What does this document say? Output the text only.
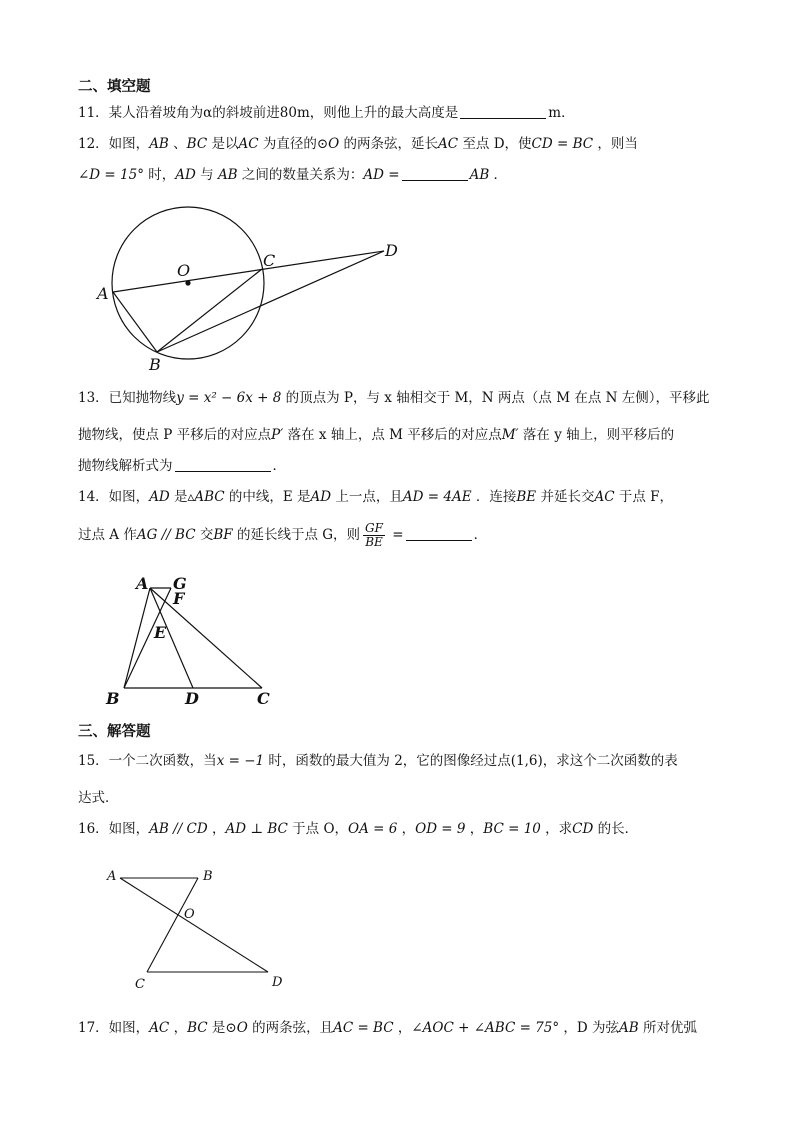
二、填空题
11．某人沿着坡角为α的斜坡前进80m，则他上升的最大高度是	m．
12．如图，AB 、BC 是以AC 为直径的⊙O 的两条弦，延长AC 至点 D，使CD = BC ，则当
∠D = 15° 时，AD 与 AB 之间的数量关系为：AD =	AB ．
O
A
B
C
D
13．已知抛物线y = x² − 6x + 8 的顶点为 P，与 x 轴相交于 M，N 两点（点 M 在点 N 左侧），平移此
抛物线，使点 P 平移后的对应点P′ 落在 x 轴上，点 M 平移后的对应点M′ 落在 y 轴上，则平移后的
抛物线解析式为	．
14．如图，AD 是▵ABC 的中线，E 是AD 上一点，且AD = 4AE ．连接BE 并延长交AC 于点 F，
过点 A 作AG // BC 交BF 的延长线于点 G，则 $\frac{GF}{BE}$ =	．
A G
F
E
B	D	C
三、解答题
15．一个二次函数，当x = −1 时，函数的最大值为 2，它的图像经过点(1,6)，求这个二次函数的表
达式．
16．如图，AB // CD ，AD ⊥ BC 于点 O，OA = 6 ，OD = 9 ，BC = 10 ，求CD 的长．
A	B
O
C	D
17．如图，AC ，BC 是⊙O 的两条弦，且AC = BC ，∠AOC + ∠ABC = 75° ，D 为弦AB 所对优弧
